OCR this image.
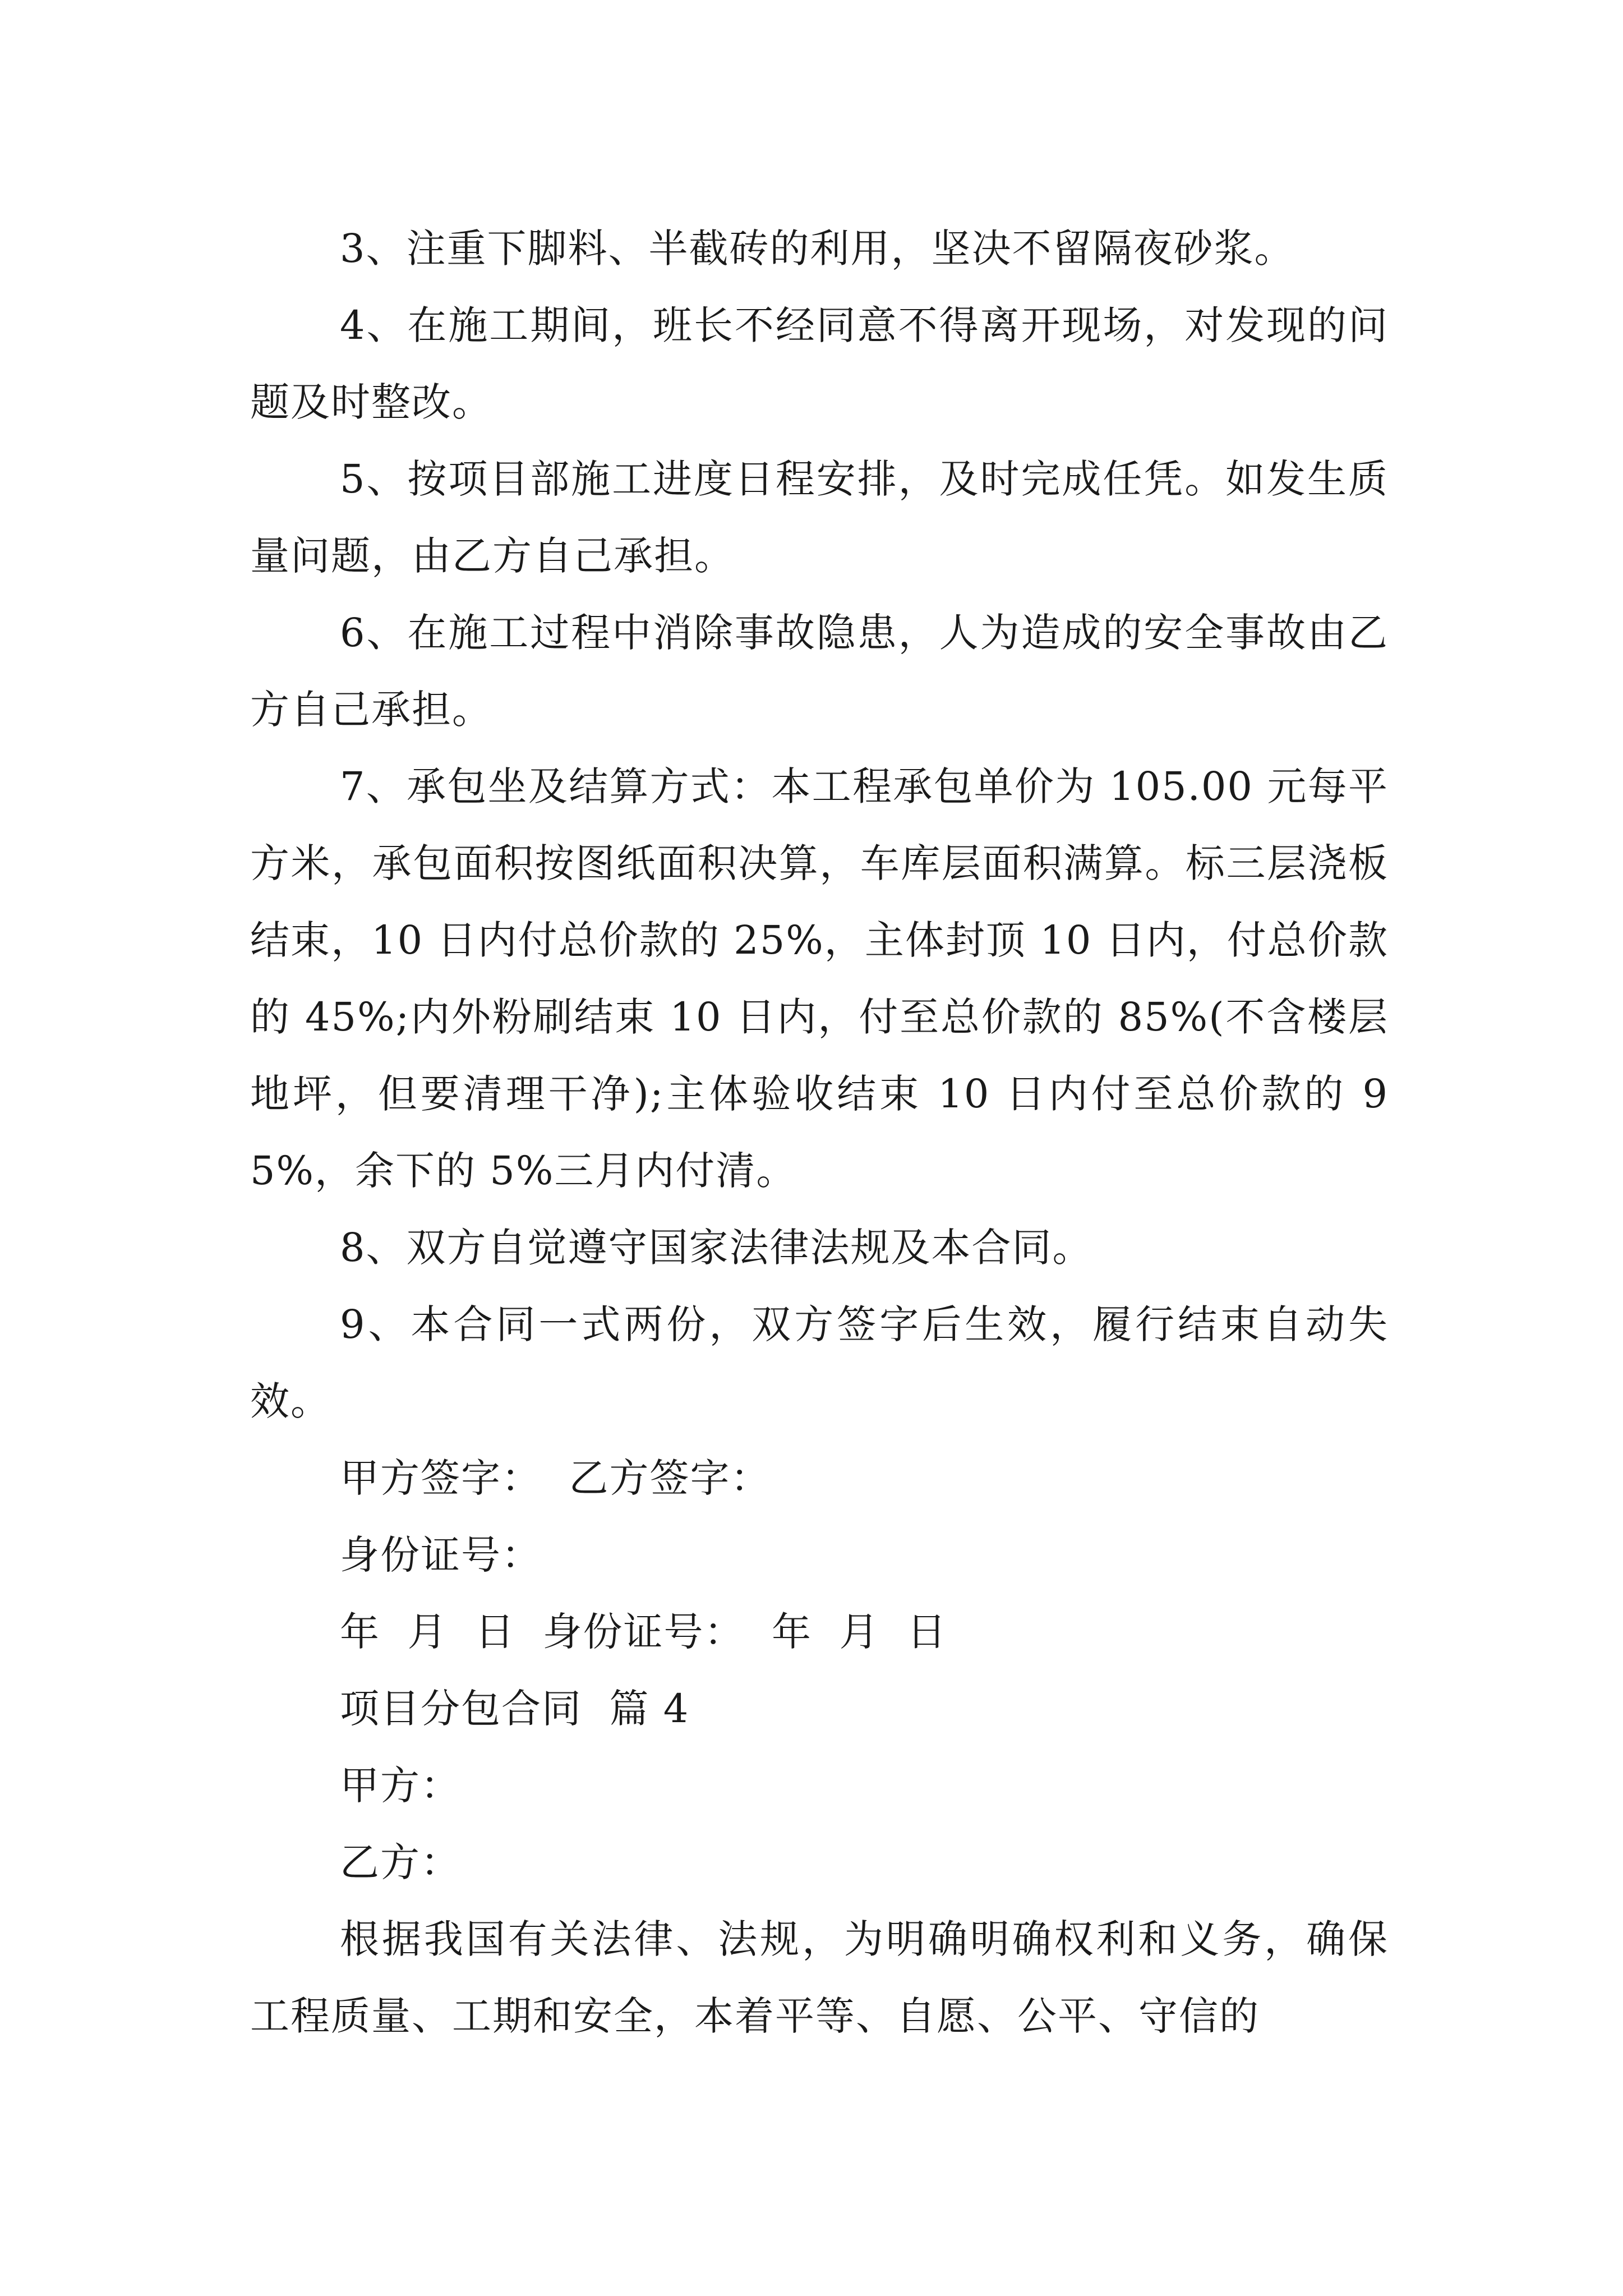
3、注重下脚料、半截砖的利用，坚决不留隔夜砂浆。

4、在施工期间，班长不经同意不得离开现场，对发现的问题及时整改。

5、按项目部施工进度日程安排，及时完成任凭。如发生质量问题，由乙方自己承担。

6、在施工过程中消除事故隐患，人为造成的安全事故由乙方自己承担。

7、承包坐及结算方式：本工程承包单价为 105.00 元每平方米，承包面积按图纸面积决算，车库层面积满算。标三层浇板结束，10 日内付总价款的 25%，主体封顶 10 日内，付总价款的 45%;内外粉刷结束 10 日内，付至总价款的 85%(不含楼层地坪，但要清理干净);主体验收结束 10 日内付至总价款的 95%，余下的 5%三月内付清。

8、双方自觉遵守国家法律法规及本合同。

9、本合同一式两份，双方签字后生效，履行结束自动失效。

甲方签字：  乙方签字：

身份证号：

年  月  日  身份证号：  年  月  日

项目分包合同  篇 4

甲方：

乙方：

根据我国有关法律、法规，为明确明确权利和义务，确保工程质量、工期和安全，本着平等、自愿、公平、守信的
